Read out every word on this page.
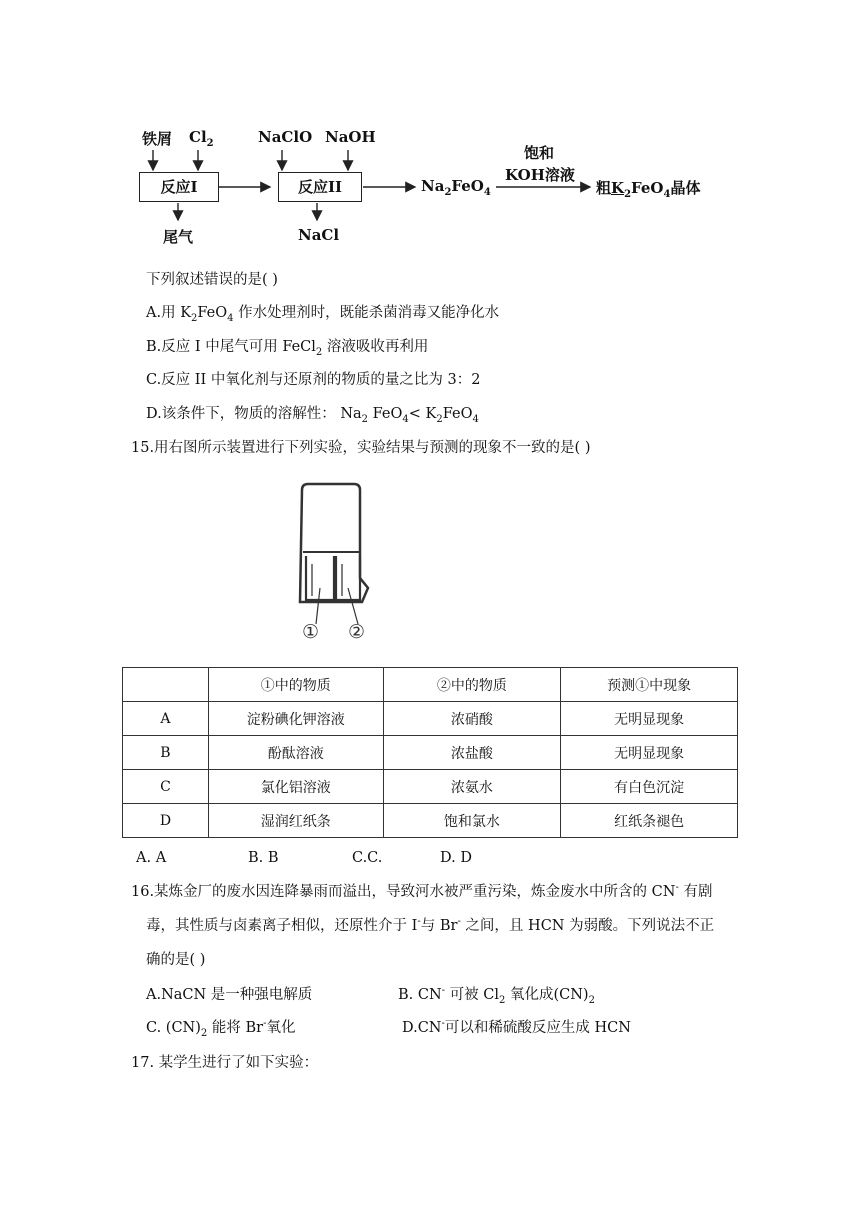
铁屑 $Cl_2$
反应I
尾气
NaClO NaOH
反应II
NaCl
$Na_2FeO_4$
饱和
KOH溶液
粗$K_2FeO_4$晶体
下列叙述错误的是( )
A.用 $K_2FeO_4$ 作水处理剂时，既能杀菌消毒又能净化水
B.反应 I 中尾气可用 FeCl$_2$ 溶液吸收再利用
C.反应 II 中氧化剂与还原剂的物质的量之比为 3：2
D.该条件下，物质的溶解性： $Na_2$ $FeO_4< K_2FeO_4$
15.用右图所示装置进行下列实验，实验结果与预测的现象不一致的是( )
① ②
	①中的物质	②中的物质	预测①中现象
A	淀粉碘化钾溶液	浓硝酸	无明显现象
B	酚酞溶液	浓盐酸	无明显现象
C	氯化铝溶液	浓氨水	有白色沉淀
D	湿润红纸条	饱和氯水	红纸条褪色
A. A	B. B	C.C.	D. D
16.某炼金厂的废水因连降暴雨而溢出，导致河水被严重污染，炼金废水中所含的 CN- 有剧
毒，其性质与卤素离子相似，还原性介于 I-与 Br- 之间，且 HCN 为弱酸。下列说法不正
确的是( )
A.NaCN 是一种强电解质	B. CN- 可被 $Cl_2$ 氧化成$(CN)_2$
C. $(CN)_2$ 能将 Br-氧化	D.CN-可以和稀硫酸反应生成 HCN
17. 某学生进行了如下实验：
